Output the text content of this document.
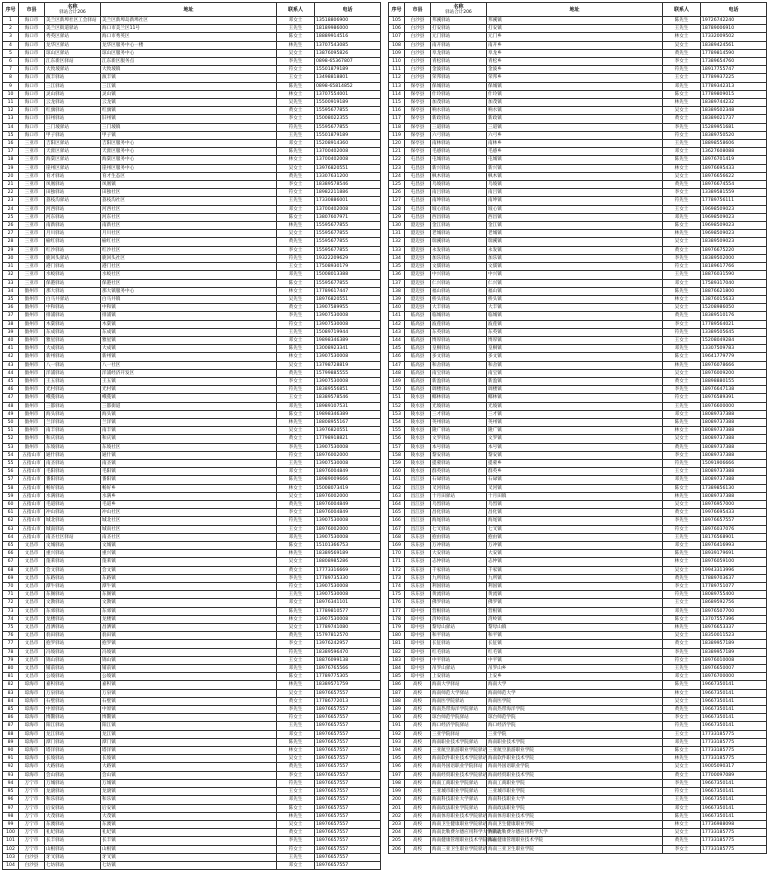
序号	市县	名称
驿站合计206	地址	联系人	电话
1	海口市	美兰区新埠社区工会驿站	美兰区新埠岛新埠社区	邓女士	13518806900
2	海口市	美兰区街道驿站	海口市美兰区11号	王先生	18189986000
3	海口市	秀英区驿站	海口市秀英区	陈女士	18889914516
4	海口市	龙华区驿站	龙华区服务中心一楼	林先生	13707543085
5	海口市	琼山区驿站	琼山区服务中心	吴女士	13876095826
6	海口市	江东新区驿站	江东新区服务点	李先生	0898-65367807
7	海口市	大致坡驿站	大致坡镇	符女士	15501879189
8	海口市	演丰驿站	演丰镇	王女士	13498818801
9	海口市	三江驿站	三江镇	陈先生	0898-65814852
10	海口市	灵山驿站	灵山镇	林女士	13707554001
11	海口市	云龙驿站	云龙镇	吴先生	15500919189
12	海口市	红旗驿站	红旗镇	黄女士	15595677855
13	海口市	旧州驿站	旧州镇	李女士	15008022355
14	海口市	三门坡驿站	三门坡镇	符先生	15595677855
15	海口市	甲子驿站	甲子镇	王先生	15501879189
16	三亚市	吉阳区驿站	吉阳区服务中心	邓女士	15208914360
17	三亚市	天涯区驿站	天涯区服务中心	陈先生	13700402008
18	三亚市	海棠区驿站	海棠区服务中心	林女士	13700402008
19	三亚市	崖州区驿站	崖州区服务中心	吴女士	13976820551
20	三亚市	育才驿站	育才生态区	黄先生	13307631200
21	三亚市	凤凰驿站	凤凰镇	李女士	18389578546
22	三亚市	田独驿站	田独社区	符女士	18982211886
23	三亚市	荔枝沟驿站	荔枝沟社区	王先生	17330886001
24	三亚市	河西驿站	河西社区	邓女士	13700402008
25	三亚市	河东驿站	河东社区	陈女士	13807607971
26	三亚市	南新驿站	南新社区	林先生	15595677855
27	三亚市	月川驿站	月川社区	吴女士	15595677855
28	三亚市	榆红驿站	榆红社区	黄先生	15595677855
29	三亚市	红沙驿站	红沙社区	李女士	15595677855
30	三亚市	鹿回头驿站	鹿回头社区	符先生	19322209629
31	三亚市	港门驿站	港门社区	王女士	17508930179
32	三亚市	水蛟驿站	水蛟社区	邓先生	15008013388
33	三亚市	保港驿站	保港社区	陈女士	15595677855
34	儋州市	那大驿站	那大镇服务中心	林女士	17789617447
35	儋州市	白马井驿站	白马井镇	吴先生	18976820551
36	儋州市	中和驿站	中和镇	黄女士	13907589955
37	儋州市	排浦驿站	排浦镇	李先生	13907530008
38	儋州市	木棠驿站	木棠镇	符女士	13907530008
39	儋州市	东成驿站	东成镇	王先生	15089719944
40	儋州市	雅星驿站	雅星镇	邓女士	19898346389
41	儋州市	大成驿站	大成镇	陈先生	13008923341
42	儋州市	新州驿站	新州镇	林女士	13907530008
43	儋州市	八一驿站	八一社区	吴女士	13798728819
44	儋州市	洋浦驿站	洋浦经济开发区	黄先生	15799885555
45	儋州市	王五驿站	王五镇	李女士	13907530008
46	儋州市	光村驿站	光村镇	符先生	18389556851
47	儋州市	峨蔓驿站	峨蔓镇	王女士	18389578546
48	儋州市	三都驿站	三都街道	邓先生	18989107531
49	儋州市	海头驿站	海头镇	陈女士	19898346389
50	儋州市	兰洋驿站	兰洋镇	林先生	18808955167
51	儋州市	南丰驿站	南丰镇	吴女士	13976820551
52	儋州市	和庆驿站	和庆镇	黄女士	17798918821
53	儋州市	东坡驿站	东坡社区	李先生	13907530008
54	五指山市	通什驿站	通什镇	符女士	18976002000
55	五指山市	南圣驿站	南圣镇	王先生	13907530008
56	五指山市	毛阳驿站	毛阳镇	邓女士	18976004849
57	五指山市	番阳驿站	番阳镇	陈先生	18989009666
58	五指山市	畅好驿站	畅好乡	林女士	15008073419
59	五指山市	水满驿站	水满乡	吴女士	18976002000
60	五指山市	毛道驿站	毛道乡	黄先生	18976004849
61	五指山市	冲山驿站	冲山社区	李女士	18976004849
62	五指山市	城北驿站	城北社区	符先生	13907530008
63	五指山市	城南驿站	城南社区	王女士	18976002000
64	五指山市	南圣社区驿站	南圣社区	邓先生	13907530008
65	文昌市	文城驿站	文城镇	陈女士	15101366753
66	文昌市	重兴驿站	重兴镇	林先生	18389569189
67	文昌市	蓬莱驿站	蓬莱镇	吴女士	18808985286
68	文昌市	会文驿站	会文镇	黄女士	17773316669
69	文昌市	东路驿站	东路镇	李先生	17789735330
70	文昌市	潭牛驿站	潭牛镇	符女士	13907530008
71	文昌市	东阁驿站	东阁镇	王先生	13907530008
72	文昌市	文教驿站	文教镇	邓女士	18976341101
73	文昌市	东郊驿站	东郊镇	陈先生	17789810577
74	文昌市	龙楼驿站	龙楼镇	林女士	13907530008
75	文昌市	昌洒驿站	昌洒镇	吴女士	17789741080
76	文昌市	翁田驿站	翁田镇	黄先生	15797812570
77	文昌市	抱罗驿站	抱罗镇	李女士	13976242957
78	文昌市	冯坡驿站	冯坡镇	符先生	18389596470
79	文昌市	锦山驿站	锦山镇	王女士	18876099138
80	文昌市	铺前驿站	铺前镇	邓先生	18976765566
81	文昌市	公坡驿站	公坡镇	陈女士	17789775305
82	琼海市	嘉积驿站	嘉积镇	林先生	18389571759
83	琼海市	万泉驿站	万泉镇	吴女士	18976657557
84	琼海市	石壁驿站	石壁镇	黄女士	17786772013
85	琼海市	中原驿站	中原镇	李先生	18976657557
86	琼海市	博鳌驿站	博鳌镇	符女士	18976657557
87	琼海市	阳江驿站	阳江镇	王先生	18976657557
88	琼海市	龙江驿站	龙江镇	邓女士	18976657557
89	琼海市	潭门驿站	潭门镇	陈先生	18976657557
90	琼海市	塔洋驿站	塔洋镇	林女士	18976657557
91	琼海市	长坡驿站	长坡镇	吴女士	18976657557
92	琼海市	大路驿站	大路镇	黄先生	18976657557
93	琼海市	会山驿站	会山镇	李女士	18976657557
94	万宁市	万城驿站	万城镇	符先生	18976657557
95	万宁市	龙滚驿站	龙滚镇	王女士	18976657557
96	万宁市	和乐驿站	和乐镇	邓先生	18976657557
97	万宁市	后安驿站	后安镇	陈女士	18976657557
98	万宁市	大茂驿站	大茂镇	林先生	18976657557
99	万宁市	东澳驿站	东澳镇	吴女士	18976657557
100	万宁市	礼纪驿站	礼纪镇	黄女士	18976657557
101	万宁市	长丰驿站	长丰镇	李先生	18976657557
102	万宁市	山根驿站	山根镇	符女士	18976657557
103	白沙县	牙叉驿站	牙叉镇	王先生	18976657557
104	白沙县	七坊驿站	七坊镇	邓女士	18976657557
序号	市县	名称
驿站合计206	地址	联系人	电话
105	白沙县	邦溪驿站	邦溪镇	陈先生	19726742240
106	白沙县	打安驿站	打安镇	王先生	18789006910
107	白沙县	元门驿站	元门乡	林女士	17332009502
108	白沙县	南开驿站	南开乡	吴女士	18389424561
109	白沙县	阜龙驿站	阜龙乡	黄先生	17789814590
110	白沙县	青松驿站	青松乡	李女士	17389654760
111	白沙县	金波驿站	金波乡	符先生	18917755747
112	白沙县	荣邦驿站	荣邦乡	王女士	17789937225
113	保亭县	保城驿站	保城镇	邓先生	17789342313
114	保亭县	什玲驿站	什玲镇	陈女士	17789809015
115	保亭县	加茂驿站	加茂镇	林先生	18389744232
116	保亭县	响水驿站	响水镇	吴女士	18389502348
117	保亭县	新政驿站	新政镇	黄女士	18389021737
118	保亭县	三道驿站	三道镇	李先生	15289951681
119	保亭县	六弓驿站	六弓乡	符女士	18389750520
120	保亭县	南林驿站	南林乡	王先生	18898558606
121	保亭县	毛感驿站	毛感乡	邓女士	13627608088
122	屯昌县	屯城驿站	屯城镇	陈先生	18976701419
123	屯昌县	新兴驿站	新兴镇	林女士	18976695433
124	屯昌县	枫木驿站	枫木镇	吴女士	18976656622
125	屯昌县	乌坡驿站	乌坡镇	黄先生	18976674554
126	屯昌县	南吕驿站	南吕镇	李女士	13389581559
127	屯昌县	南坤驿站	南坤镇	符先生	17789756111
128	屯昌县	坡心驿站	坡心镇	王女士	19698509023
129	屯昌县	西昌驿站	西昌镇	邓先生	19698509023
130	澄迈县	金江驿站	金江镇	陈女士	19698509023
131	澄迈县	老城驿站	老城镇	林先生	19698509023
132	澄迈县	瑞溪驿站	瑞溪镇	吴女士	18389509023
133	澄迈县	永发驿站	永发镇	黄女士	18976675220
134	澄迈县	加乐驿站	加乐镇	李先生	18389502000
135	澄迈县	文儒驿站	文儒镇	符女士	18189617766
136	澄迈县	中兴驿站	中兴镇	王先生	18876031590
137	澄迈县	仁兴驿站	仁兴镇	邓女士	17589317040
138	澄迈县	福山驿站	福山镇	陈先生	18876621800
139	澄迈县	桥头驿站	桥头镇	林女士	13876015633
140	澄迈县	大丰驿站	大丰镇	吴女士	15208986050
141	临高县	临城驿站	临城镇	黄先生	18389510176
142	临高县	波莲驿站	波莲镇	李女士	17789564021
143	临高县	东英驿站	东英镇	符先生	13389505645
144	临高县	博厚驿站	博厚镇	王女士	15208049284
145	临高县	皇桐驿站	皇桐镇	邓先生	13307509783
146	临高县	多文驿站	多文镇	陈女士	19641779779
147	临高县	和舍驿站	和舍镇	林先生	18976078666
148	临高县	南宝驿站	南宝镇	吴女士	18976009200
149	临高县	新盈驿站	新盈镇	黄女士	18898880155
150	临高县	调楼驿站	调楼镇	李先生	18976647138
151	陵水县	椰林驿站	椰林镇	符女士	18976589391
152	陵水县	光坡驿站	光坡镇	王先生	18976600000
153	陵水县	三才驿站	三才镇	邓女士	18089737388
154	陵水县	英州驿站	英州镇	陈先生	18089737388
155	陵水县	隆广驿站	隆广镇	林女士	18089737388
156	陵水县	文罗驿站	文罗镇	吴女士	18089737388
157	陵水县	本号驿站	本号镇	黄先生	18089737388
158	陵水县	黎安驿站	黎安镇	李女士	18089737388
159	陵水县	提蒙驿站	提蒙乡	符先生	15091906666
160	陵水县	群英驿站	群英乡	王女士	18089737388
161	昌江县	石碌驿站	石碌镇	邓先生	18089737388
162	昌江县	叉河驿站	叉河镇	陈女士	17389856130
163	昌江县	十月田驿站	十月田镇	林先生	18089737388
164	昌江县	乌烈驿站	乌烈镇	吴女士	18976957000
165	昌江县	昌化驿站	昌化镇	黄女士	19976695433
166	昌江县	海尾驿站	海尾镇	李先生	18976657557
167	昌江县	七叉驿站	七叉镇	符女士	18976037076
168	乐东县	抱由驿站	抱由镇	王先生	18176568901
169	乐东县	万冲驿站	万冲镇	邓女士	18976416993
170	乐东县	大安驿站	大安镇	陈先生	18939179691
171	乐东县	志仲驿站	志仲镇	林女士	18976059100
172	乐东县	千家驿站	千家镇	吴女士	19943313996
173	乐东县	九所驿站	九所镇	黄先生	17889703637
174	乐东县	利国驿站	利国镇	李女士	17789751077
175	乐东县	黄流驿站	黄流镇	符先生	18089755400
176	乐东县	佛罗驿站	佛罗镇	王女士	18689592756
177	琼中县	营根驿站	营根镇	邓先生	18976507700
178	琼中县	湾岭驿站	湾岭镇	陈女士	13707557396
179	琼中县	黎母山驿站	黎母山镇	林先生	18976653337
180	琼中县	和平驿站	和平镇	吴女士	18350011523
181	琼中县	长征驿站	长征镇	黄女士	18389957189
182	琼中县	红毛驿站	红毛镇	李先生	18389957189
183	琼中县	中平驿站	中平镇	符女士	18976010008
184	琼中县	吊罗山驿站	吊罗山乡	王先生	18976650007
185	琼中县	上安驿站	上安乡	邓女士	18976700000
186	高校	海南大学驿站	海南大学	陈先生	19667350141
187	高校	海南师范大学驿站	海南师范大学	林女士	19667350141
188	高校	海南医学院驿站	海南医学院	吴女士	19667350141
189	高校	海南热带海洋学院驿站	海南热带海洋学院	黄先生	19667350141
190	高校	琼台师范学院驿站	琼台师范学院	李女士	19667350141
191	高校	海口经济学院驿站	海口经济学院	符先生	19667350141
192	高校	三亚学院驿站	三亚学院	王女士	17733185775
193	高校	海南职业技术学院驿站	海南职业技术学院	邓先生	17733185775
194	高校	三亚航空旅游职业学院驿站	三亚航空旅游职业学院	陈女士	17733185775
195	高校	海南软件职业技术学院驿站	海南软件职业技术学院	林先生	17733185775
196	高校	海南外国语职业学院驿站	海南外国语职业学院	吴女士	19005090317
197	高校	海南经贸职业技术学院驿站	海南经贸职业技术学院	黄女士	17700097089
198	高校	海南工商职业学院驿站	海南工商职业学院	李先生	19667350141
199	高校	三亚城市职业学院驿站	三亚城市职业学院	符女士	19667350141
200	高校	海南科技职业大学驿站	海南科技职业大学	王先生	19667350141
201	高校	海南政法职业学院驿站	海南政法职业学院	邓女士	19667350141
202	高校	海南体育职业技术学院驿站	海南体育职业技术学院	陈先生	19667350141
203	高校	海南卫生健康职业学院驿站	海南卫生健康职业学院	林女士	17736988098
204	高校	海南比勒费尔德应用科学大学驿站	海南比勒费尔德应用科学大学	吴女士	17733185775
205	高校	海南健康管理职业技术学院驿站	海南健康管理职业技术学院	黄先生	17733185775
206	高校	海南三亚卫生职业学院驿站	海南三亚卫生职业学院	李女士	17733185775
